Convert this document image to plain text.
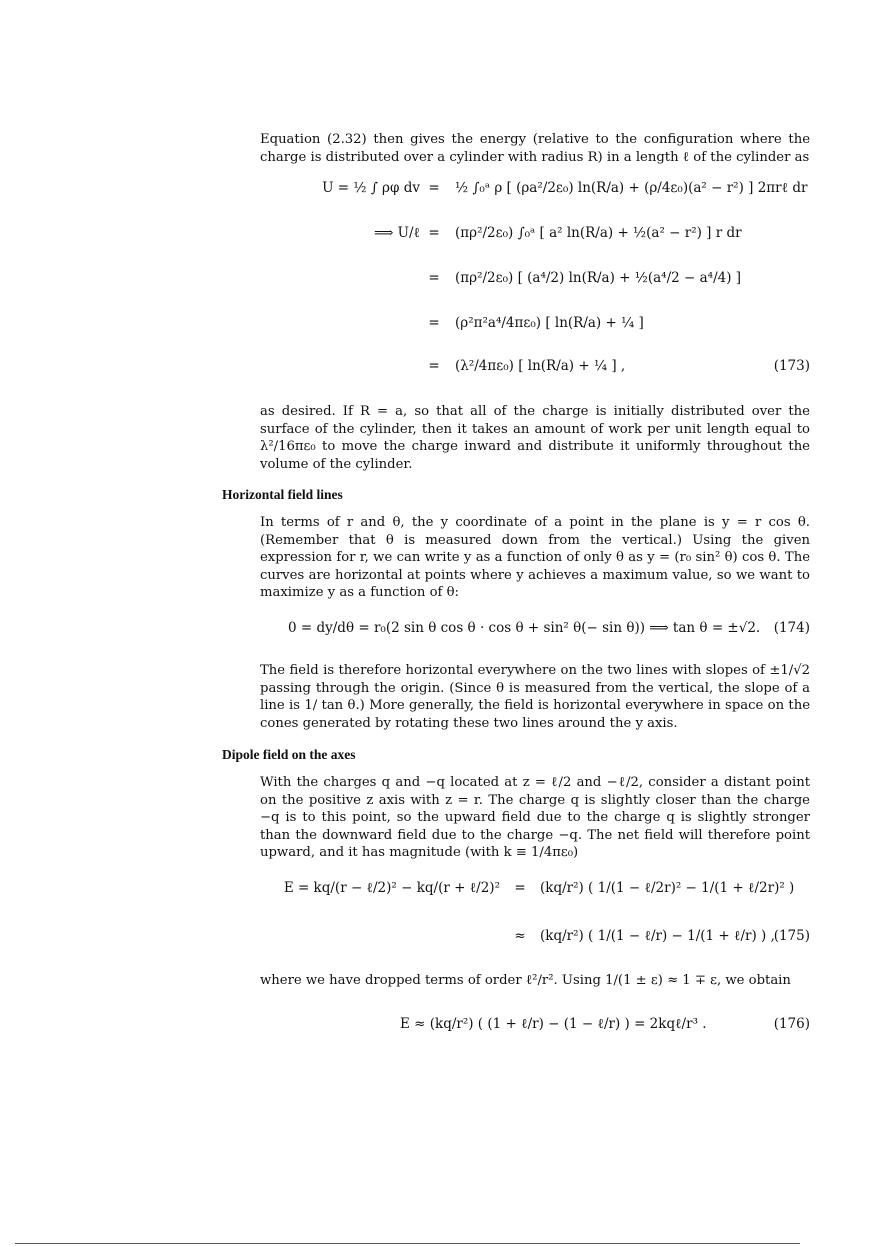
Equation (2.32) then gives the energy (relative to the configuration where the charge is distributed over a cylinder with radius R) in a length ℓ of the cylinder as
U = ½ ∫ ρφ dv =	½ ∫₀ᵃ ρ [ (ρa²/2ε₀) ln(R/a) + (ρ/4ε₀)(a² − r²) ] 2πrℓ dr
⟹ U/ℓ =	(πρ²/2ε₀) ∫₀ᵃ [ a² ln(R/a) + ½(a² − r²) ] r dr
=	(πρ²/2ε₀) [ (a⁴/2) ln(R/a) + ½(a⁴/2 − a⁴/4) ]
=	(ρ²π²a⁴/4πε₀) [ ln(R/a) + ¼ ]
=	(λ²/4πε₀) [ ln(R/a) + ¼ ] ,	(173)
as desired. If R = a, so that all of the charge is initially distributed over the surface of the cylinder, then it takes an amount of work per unit length equal to λ²/16πε₀ to move the charge inward and distribute it uniformly throughout the volume of the cylinder.
Horizontal field lines
In terms of r and θ, the y coordinate of a point in the plane is y = r cos θ. (Remember that θ is measured down from the vertical.) Using the given expression for r, we can write y as a function of only θ as y = (r₀ sin² θ) cos θ. The curves are horizontal at points where y achieves a maximum value, so we want to maximize y as a function of θ:
0 = dy/dθ = r₀(2 sin θ cos θ · cos θ + sin² θ(− sin θ)) ⟹ tan θ = ±√2. (174)
The field is therefore horizontal everywhere on the two lines with slopes of ±1/√2 passing through the origin. (Since θ is measured from the vertical, the slope of a line is 1/ tan θ.) More generally, the field is horizontal everywhere in space on the cones generated by rotating these two lines around the y axis.
Dipole field on the axes
With the charges q and −q located at z = ℓ/2 and −ℓ/2, consider a distant point on the positive z axis with z = r. The charge q is slightly closer than the charge −q is to this point, so the upward field due to the charge q is slightly stronger than the downward field due to the charge −q. The net field will therefore point upward, and it has magnitude (with k ≡ 1/4πε₀)
E = kq/(r − ℓ/2)² − kq/(r + ℓ/2)²	=	(kq/r²) ( 1/(1 − ℓ/2r)² − 1/(1 + ℓ/2r)² )
≈	(kq/r²) ( 1/(1 − ℓ/r) − 1/(1 + ℓ/r) ) ,
(175)
where we have dropped terms of order ℓ²/r². Using 1/(1 ± ε) ≈ 1 ∓ ε, we obtain
E ≈ (kq/r²) ( (1 + ℓ/r) − (1 − ℓ/r) ) = 2kqℓ/r³ .	(176)
